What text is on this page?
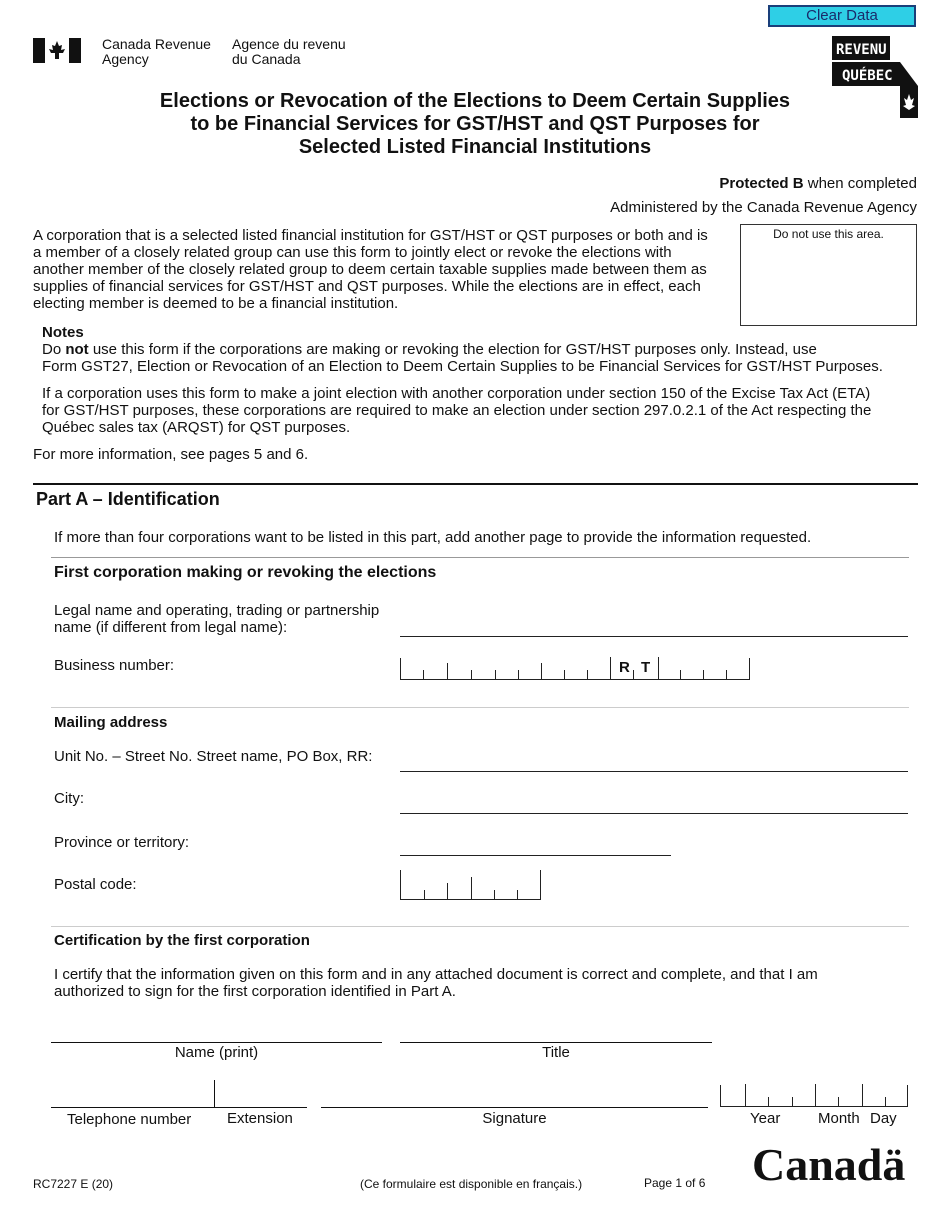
Clear Data
Canada Revenue
Agency
Agence du revenu
du Canada
REVENU
QUÉBEC
Elections or Revocation of the Elections to Deem Certain Supplies
to be Financial Services for GST/HST and QST Purposes for
Selected Listed Financial Institutions
Protected B when completed
Administered by the Canada Revenue Agency
Do not use this area.
A corporation that is a selected listed financial institution for GST/HST or QST purposes or both and is
a member of a closely related group can use this form to jointly elect or revoke the elections with
another member of the closely related group to deem certain taxable supplies made between them as
supplies of financial services for GST/HST and QST purposes. While the elections are in effect, each
electing member is deemed to be a financial institution.
Notes
Do not use this form if the corporations are making or revoking the election for GST/HST purposes only. Instead, use
Form GST27, Election or Revocation of an Election to Deem Certain Supplies to be Financial Services for GST/HST Purposes.
If a corporation uses this form to make a joint election with another corporation under section 150 of the Excise Tax Act (ETA)
for GST/HST purposes, these corporations are required to make an election under section 297.0.2.1 of the Act respecting the
Québec sales tax (ARQST) for QST purposes.
For more information, see pages 5 and 6.
Part A – Identification
If more than four corporations want to be listed in this part, add another page to provide the information requested.
First corporation making or revoking the elections
Legal name and operating, trading or partnership
name (if different from legal name):
Business number:	R T
Mailing address
Unit No. – Street No. Street name, PO Box, RR:
City:
Province or territory:
Postal code:
Certification by the first corporation
I certify that the information given on this form and in any attached document is correct and complete, and that I am
authorized to sign for the first corporation identified in Part A.
Name (print)	Title
Telephone number Extension	Signature	Year	Month Day
RC7227 E (20)	(Ce formulaire est disponible en français.)	Page 1 of 6 Canadä
